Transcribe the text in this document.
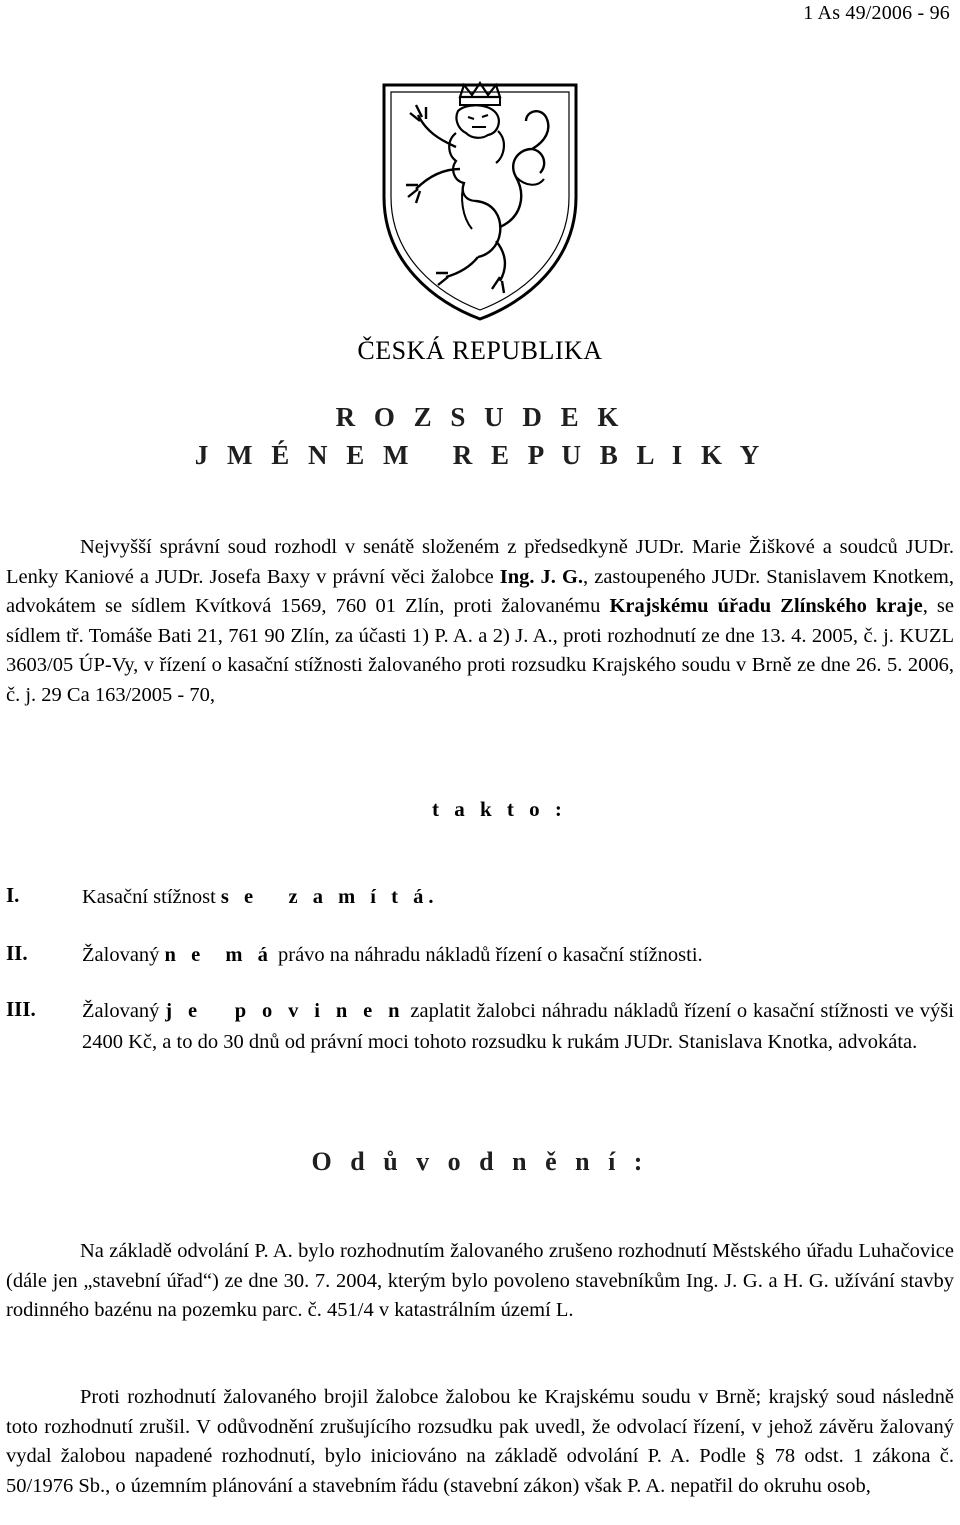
1 As 49/2006 - 96
ČESKÁ REPUBLIKA
R O Z S U D E K
J M É N E M   R E P U B L I K Y
Nejvyšší správní soud rozhodl v senátě složeném z předsedkyně JUDr. Marie Žiškové a soudců JUDr. Lenky Kaniové a JUDr. Josefa Baxy v právní věci žalobce Ing. J. G., zastoupeného JUDr. Stanislavem Knotkem, advokátem se sídlem Kvítková 1569, 760 01 Zlín, proti žalovanému Krajskému úřadu Zlínského kraje, se sídlem tř. Tomáše Bati 21, 761 90 Zlín, za účasti 1) P. A. a 2) J. A., proti rozhodnutí ze dne 13. 4. 2005, č. j. KUZL 3603/05 ÚP-Vy, v řízení o kasační stížnosti žalovaného proti rozsudku Krajského soudu v Brně ze dne 26. 5. 2006, č. j. 29 Ca 163/2005 - 70,
t a k t o :
I.	Kasační stížnost s e   z a m í t á.
II.	Žalovaný n e  m á právo na náhradu nákladů řízení o kasační stížnosti.
III. Žalovaný j e   p o v i n e n zaplatit žalobci náhradu nákladů řízení o kasační stížnosti ve výši 2400 Kč, a to do 30 dnů od právní moci tohoto rozsudku k rukám JUDr. Stanislava Knotka, advokáta.
O d ů v o d n ě n í :
Na základě odvolání P. A. bylo rozhodnutím žalovaného zrušeno rozhodnutí Městského úřadu Luhačovice (dále jen „stavební úřad“) ze dne 30. 7. 2004, kterým bylo povoleno stavebníkům Ing. J. G. a H. G. užívání stavby rodinného bazénu na pozemku parc. č. 451/4 v katastrálním území L.
Proti rozhodnutí žalovaného brojil žalobce žalobou ke Krajskému soudu v Brně; krajský soud následně toto rozhodnutí zrušil. V odůvodnění zrušujícího rozsudku pak uvedl, že odvolací řízení, v jehož závěru žalovaný vydal žalobou napadené rozhodnutí, bylo iniciováno na základě odvolání P. A. Podle § 78 odst. 1 zákona č. 50/1976 Sb., o územním plánování a stavebním řádu (stavební zákon) však P. A. nepatřil do okruhu osob,
